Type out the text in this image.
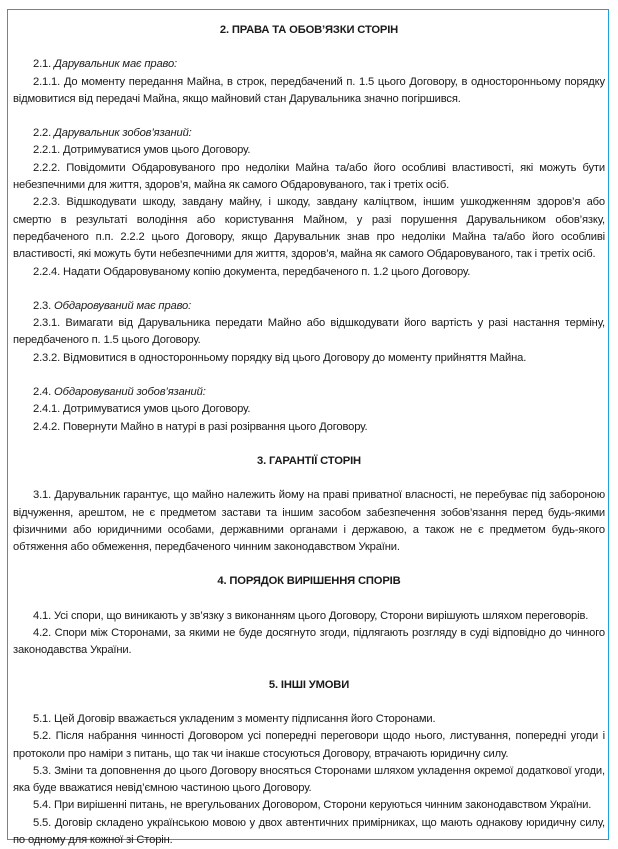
2. ПРАВА ТА ОБОВ’ЯЗКИ СТОРІН

2.1. Дарувальник має право:

2.1.1. До моменту передання Майна, в строк, передбачений п. 1.5 цього Договору, в односторонньому порядку відмовитися від передачі Майна, якщо майновий стан Дарувальника значно погіршився.

2.2. Дарувальник зобов’язаний:

2.2.1. Дотримуватися умов цього Договору.

2.2.2. Повідомити Обдаровуваного про недоліки Майна та/або його особливі властивості, які можуть бути небезпечними для життя, здоров’я, майна як самого Обдаровуваного, так і третіх осіб.

2.2.3. Відшкодувати шкоду, завдану майну, і шкоду, завдану каліцтвом, іншим ушкодженням здоров’я або смертю в результаті володіння або користування Майном, у разі порушення Дарувальником обов’язку, передбаченого п.п. 2.2.2 цього Договору, якщо Дарувальник знав про недоліки Майна та/або його особливі властивості, які можуть бути небезпечними для життя, здоров’я, майна як самого Обдаровуваного, так і третіх осіб.

2.2.4. Надати Обдаровуваному копію документа, передбаченого п. 1.2 цього Договору.

2.3. Обдаровуваний має право:

2.3.1. Вимагати від Дарувальника передати Майно або відшкодувати його вартість у разі настання терміну, передбаченого п. 1.5 цього Договору.

2.3.2. Відмовитися в односторонньому порядку від цього Договору до моменту прийняття Майна.

2.4. Обдаровуваний зобов’язаний:

2.4.1. Дотримуватися умов цього Договору.

2.4.2. Повернути Майно в натурі в разі розірвання цього Договору.

3. ГАРАНТІЇ СТОРІН

3.1. Дарувальник гарантує, що майно належить йому на праві приватної власності, не перебуває під забороною відчуження, арештом, не є предметом застави та іншим засобом забезпечення зобов’язання перед будь-якими фізичними або юридичними особами, державними органами і державою, а також не є предметом будь-якого обтяження або обмеження, передбаченого чинним законодавством України.

4. ПОРЯДОК ВИРІШЕННЯ СПОРІВ

4.1. Усі спори, що виникають у зв’язку з виконанням цього Договору, Сторони вирішують шляхом переговорів.

4.2. Спори між Сторонами, за якими не буде досягнуто згоди, підлягають розгляду в суді відповідно до чинного законодавства України.

5. ІНШІ УМОВИ

5.1. Цей Договір вважається укладеним з моменту підписання його Сторонами.

5.2. Після набрання чинності Договором усі попередні переговори щодо нього, листування, попередні угоди і протоколи про наміри з питань, що так чи інакше стосуються Договору, втрачають юридичну силу.

5.3. Зміни та доповнення до цього Договору вносяться Сторонами шляхом укладення окремої додаткової угоди, яка буде вважатися невід’ємною частиною цього Договору.

5.4. При вирішенні питань, не врегульованих Договором, Сторони керуються чинним законодавством України.

5.5. Договір складено українською мовою у двох автентичних примірниках, що мають однакову юридичну силу, по одному для кожної зі Сторін.
